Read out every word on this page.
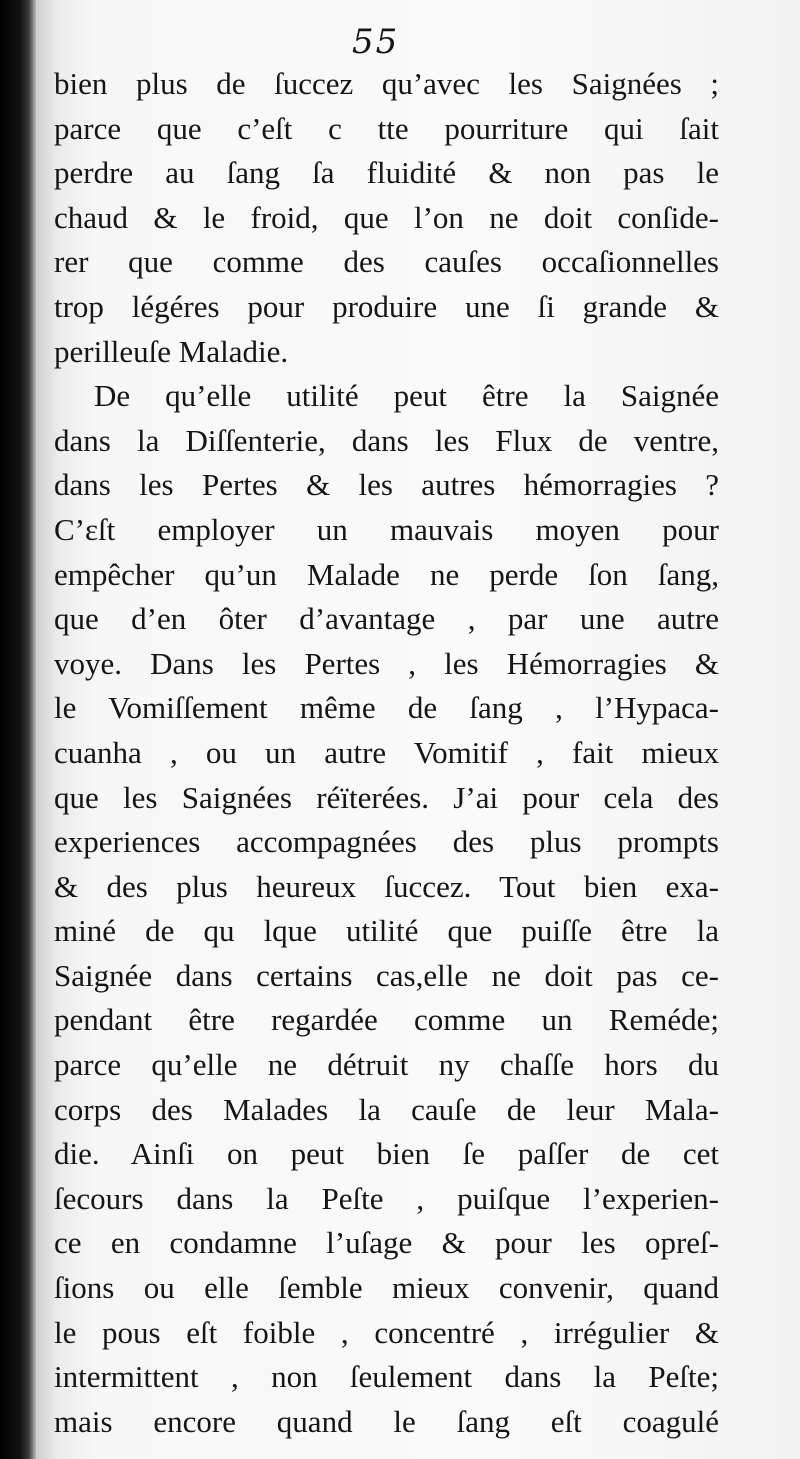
55
bien plus de ſuccez qu’avec les Saignées ;
parce que c’eſt c tte pourriture qui ſait
perdre au ſang ſa fluidité & non pas le
chaud & le froid, que l’on ne doit conſide-
rer que comme des cauſes occaſionnelles
trop légéres pour produire une ſi grande &
perilleuſe Maladie.
De qu’elle utilité peut être la Saignée
dans la Diſſenterie, dans les Flux de ventre,
dans les Pertes & les autres hémorragies ?
C’ɛſt employer un mauvais moyen pour
empêcher qu’un Malade ne perde ſon ſang,
que d’en ôter d’avantage , par une autre
voye. Dans les Pertes , les Hémorragies &
le Vomiſſement même de ſang , l’Hypaca-
cuanha , ou un autre Vomitif , fait mieux
que les Saignées réïterées. J’ai pour cela des
experiences accompagnées des plus prompts
& des plus heureux ſuccez. Tout bien exa-
miné de qu lque utilité que puiſſe être la
Saignée dans certains cas,elle ne doit pas ce-
pendant être regardée comme un Reméde;
parce qu’elle ne détruit ny chaſſe hors du
corps des Malades la cauſe de leur Mala-
die. Ainſi on peut bien ſe paſſer de cet
ſecours dans la Peſte , puiſque l’experien-
ce en condamne l’uſage & pour les opreſ-
ſions ou elle ſemble mieux convenir, quand
le pous eſt foible , concentré , irrégulier &
intermittent , non ſeulement dans la Peſte;
mais encore quand le ſang eſt coagulé
